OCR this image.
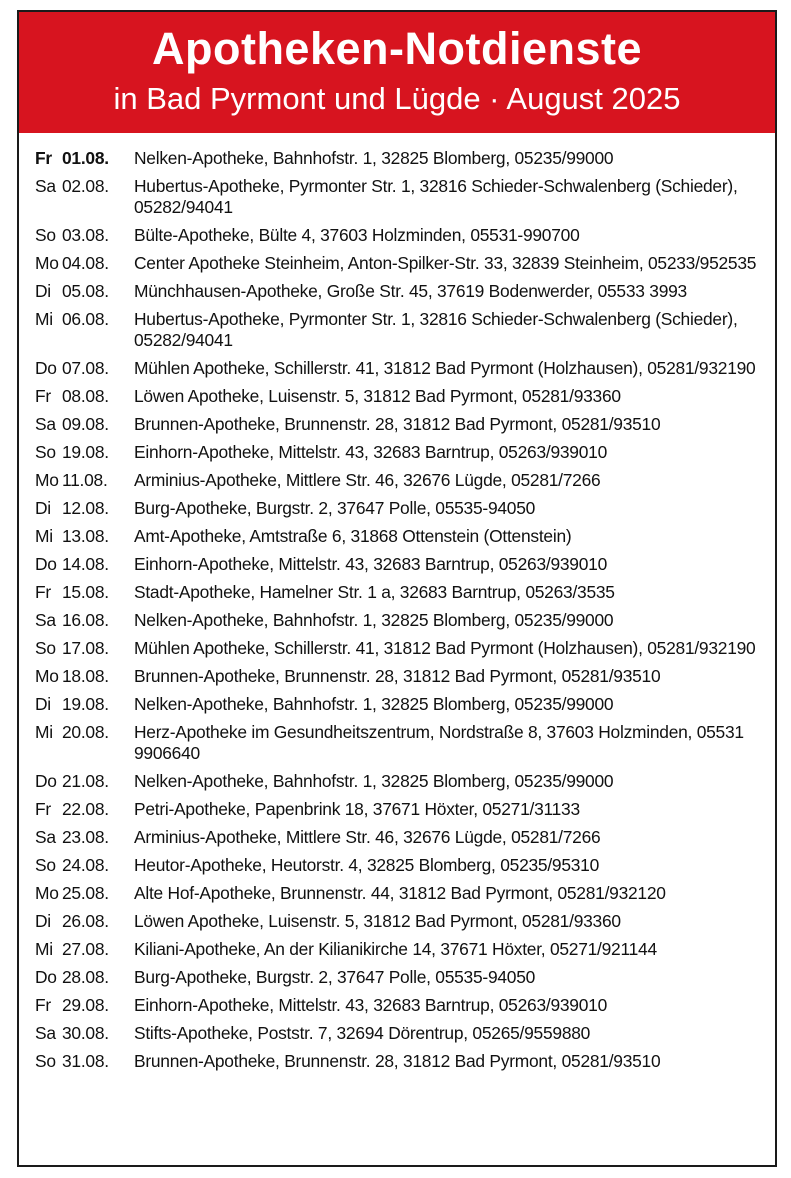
Apotheken-Notdienste
in Bad Pyrmont und Lügde · August 2025
Fr 01.08.	Nelken-Apotheke, Bahnhofstr. 1, 32825 Blomberg, 05235/99000
Sa 02.08.	Hubertus-Apotheke, Pyrmonter Str. 1, 32816 Schieder-Schwalenberg (Schieder), 05282/94041
So 03.08.	Bülte-Apotheke, Bülte 4, 37603 Holzminden, 05531-990700
Mo 04.08.	Center Apotheke Steinheim, Anton-Spilker-Str. 33, 32839 Steinheim, 05233/952535
Di 05.08.	Münchhausen-Apotheke, Große Str. 45, 37619 Bodenwerder, 05533 3993
Mi 06.08.	Hubertus-Apotheke, Pyrmonter Str. 1, 32816 Schieder-Schwalenberg (Schieder), 05282/94041
Do 07.08.	Mühlen Apotheke, Schillerstr. 41, 31812 Bad Pyrmont (Holzhausen), 05281/932190
Fr 08.08.	Löwen Apotheke, Luisenstr. 5, 31812 Bad Pyrmont, 05281/93360
Sa 09.08.	Brunnen-Apotheke, Brunnenstr. 28, 31812 Bad Pyrmont, 05281/93510
So 19.08.	Einhorn-Apotheke, Mittelstr. 43, 32683 Barntrup, 05263/939010
Mo 11.08.	Arminius-Apotheke, Mittlere Str. 46, 32676 Lügde, 05281/7266
Di 12.08.	Burg-Apotheke, Burgstr. 2, 37647 Polle, 05535-94050
Mi 13.08.	Amt-Apotheke, Amtstraße 6, 31868 Ottenstein (Ottenstein)
Do 14.08.	Einhorn-Apotheke, Mittelstr. 43, 32683 Barntrup, 05263/939010
Fr 15.08.	Stadt-Apotheke, Hamelner Str. 1 a, 32683 Barntrup, 05263/3535
Sa 16.08.	Nelken-Apotheke, Bahnhofstr. 1, 32825 Blomberg, 05235/99000
So 17.08.	Mühlen Apotheke, Schillerstr. 41, 31812 Bad Pyrmont (Holzhausen), 05281/932190
Mo 18.08.	Brunnen-Apotheke, Brunnenstr. 28, 31812 Bad Pyrmont, 05281/93510
Di 19.08.	Nelken-Apotheke, Bahnhofstr. 1, 32825 Blomberg, 05235/99000
Mi 20.08.	Herz-Apotheke im Gesundheitszentrum, Nordstraße 8, 37603 Holzminden, 05531 9906640
Do 21.08.	Nelken-Apotheke, Bahnhofstr. 1, 32825 Blomberg, 05235/99000
Fr 22.08.	Petri-Apotheke, Papenbrink 18, 37671 Höxter, 05271/31133
Sa 23.08.	Arminius-Apotheke, Mittlere Str. 46, 32676 Lügde, 05281/7266
So 24.08.	Heutor-Apotheke, Heutorstr. 4, 32825 Blomberg, 05235/95310
Mo 25.08.	Alte Hof-Apotheke, Brunnenstr. 44, 31812 Bad Pyrmont, 05281/932120
Di 26.08.	Löwen Apotheke, Luisenstr. 5, 31812 Bad Pyrmont, 05281/93360
Mi 27.08.	Kiliani-Apotheke, An der Kilianikirche 14, 37671 Höxter, 05271/921144
Do 28.08.	Burg-Apotheke, Burgstr. 2, 37647 Polle, 05535-94050
Fr 29.08.	Einhorn-Apotheke, Mittelstr. 43, 32683 Barntrup, 05263/939010
Sa 30.08.	Stifts-Apotheke, Poststr. 7, 32694 Dörentrup, 05265/9559880
So 31.08.	Brunnen-Apotheke, Brunnenstr. 28, 31812 Bad Pyrmont, 05281/93510
